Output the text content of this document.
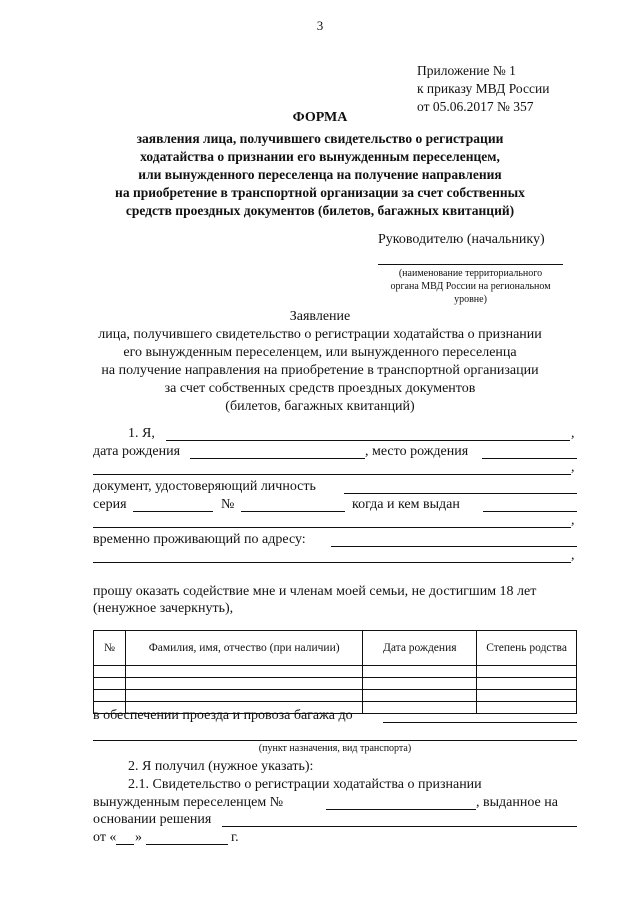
3
Приложение № 1
к приказу МВД России
от 05.06.2017 № 357
ФОРМА
заявления лица, получившего свидетельство о регистрации
ходатайства о признании его вынужденным переселенцем,
или вынужденного переселенца на получение направления
на приобретение в транспортной организации за счет собственных
средств проездных документов (билетов, багажных квитанций)
Руководителю (начальнику)
(наименование территориального
органа МВД России на региональном
уровне)
Заявление
лица, получившего свидетельство о регистрации ходатайства о признании
его вынужденным переселенцем, или вынужденного переселенца
на получение направления на приобретение в транспортной организации
за счет собственных средств проездных документов
(билетов, багажных квитанций)
1. Я,	,
дата рождения	, место рождения
,
документ, удостоверяющий личность
серия	№	когда и кем выдан
,
временно проживающий по адресу:
,
прошу оказать содействие мне и членам моей семьи, не достигшим 18 лет
(ненужное зачеркнуть),
№	Фамилия, имя, отчество (при наличии)	Дата рождения	Степень родства

в обеспечении проезда и провоза багажа до
(пункт назначения, вид транспорта)
2. Я получил (нужное указать):
2.1. Свидетельство о регистрации ходатайства о признании
вынужденным переселенцем №	, выданное на
основании решения
от « »	г.
